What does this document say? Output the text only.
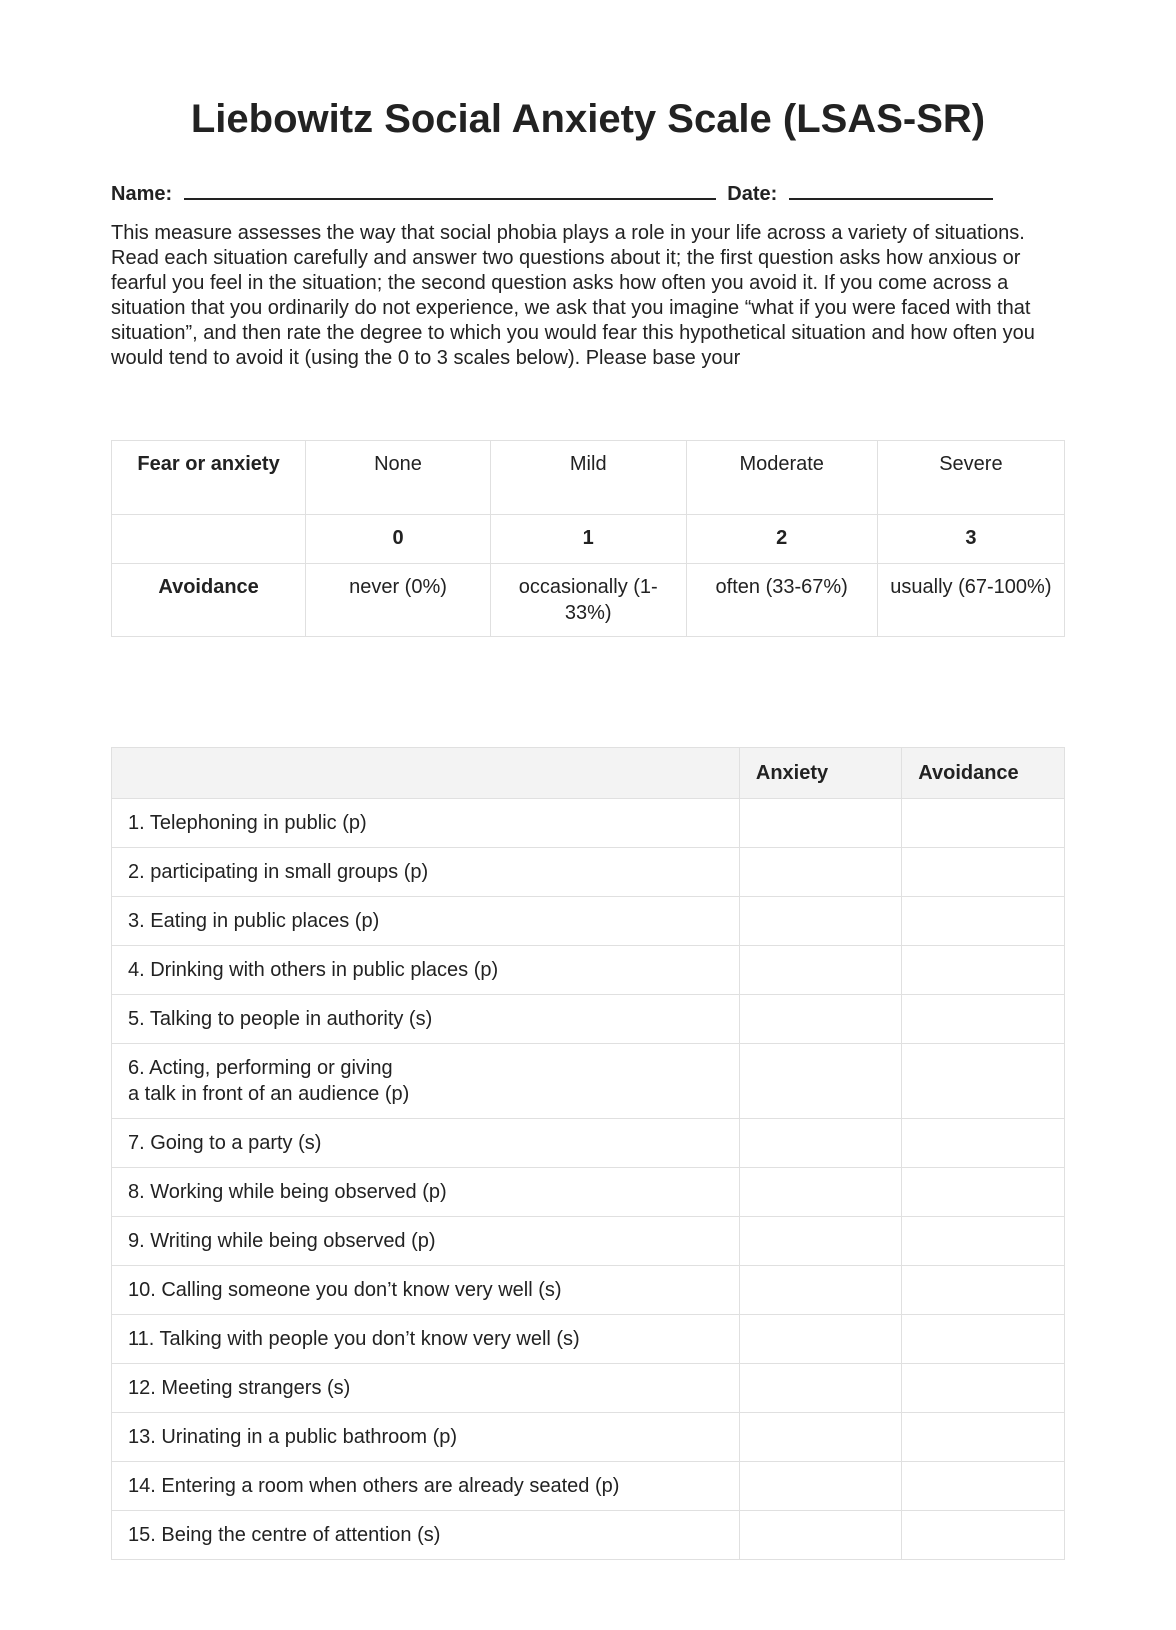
Liebowitz Social Anxiety Scale (LSAS-SR)
Name:	Date:

This measure assesses the way that social phobia plays a role in your life across a variety of situations. Read each situation carefully and answer two questions about it; the first question asks how anxious or fearful you feel in the situation; the second question asks how often you avoid it. If you come across a situation that you ordinarily do not experience, we ask that you imagine “what if you were faced with that situation”, and then rate the degree to which you would fear this hypothetical situation and how often you would tend to avoid it (using the 0 to 3 scales below). Please base your

Fear or anxiety	None	Mild	Moderate	Severe
	0	1	2	3
Avoidance	never (0%)	occasionally (1-33%)	often (33-67%)	usually (67-100%)
	Anxiety	Avoidance

1. Telephoning in public (p)		

2. participating in small groups (p)		

3. Eating in public places (p)		

4. Drinking with others in public places (p)		

5. Talking to people in authority (s)		

6. Acting, performing or giving
a talk in front of an audience (p)		

7. Going to a party (s)		

8. Working while being observed (p)		

9. Writing while being observed (p)		

10. Calling someone you don’t know very well (s)		

11. Talking with people you don’t know very well (s)		

12. Meeting strangers (s)		

13. Urinating in a public bathroom (p)		

14. Entering a room when others are already seated (p)		

15. Being the centre of attention (s)		
